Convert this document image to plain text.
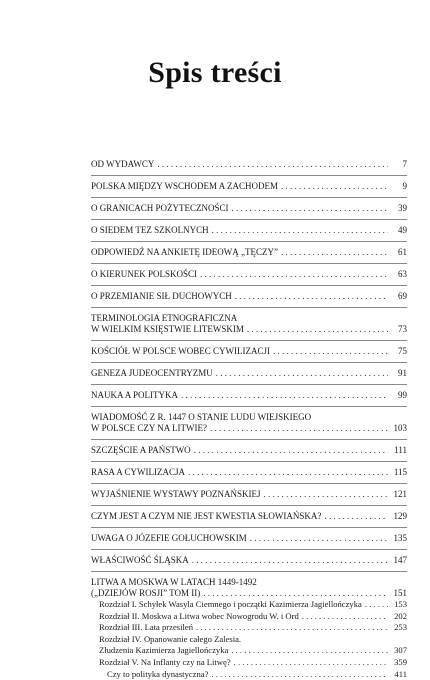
Spis treści
OD WYDAWCY . . .	7
POLSKA MIĘDZY WSCHODEM A ZACHODEM . . .	9
O GRANICACH POŻYTECZNOŚCI . . .	39
O SIEDEM TEZ SZKOLNYCH . . .	49
ODPOWIEDŹ NA ANKIETĘ IDEOWĄ „TĘCZY” . . .	61
O KIERUNEK POLSKOŚCI . . .	63
O PRZEMIANIE SIŁ DUCHOWYCH . . .	69
TERMINOLOGIA ETNOGRAFICZNA
W WIELKIM KSIĘSTWIE LITEWSKIM . . .	73
KOŚCIÓŁ W POLSCE WOBEC CYWILIZACJI . . .	75
GENEZA JUDEOCENTRYZMU . . .	91
NAUKA A POLITYKA . . .	99
WIADOMOŚĆ Z R. 1447 O STANIE LUDU WIEJSKIEGO
W POLSCE CZY NA LITWIE? . . .	103
SZCZĘŚCIE A PAŃSTWO . . .	111
RASA A CYWILIZACJA . . .	115
WYJAŚNIENIE WYSTAWY POZNAŃSKIEJ . . .	121
CZYM JEST A CZYM NIE JEST KWESTIA SŁOWIAŃSKA? . . .	129
UWAGA O JÓZEFIE GOŁUCHOWSKIM . . .	135
WŁAŚCIWOŚĆ ŚLĄSKA . . .	147
LITWA A MOSKWA W LATACH 1449-1492
(„DZIEJÓW ROSJI” TOM II) . . .	151
Rozdział I. Schyłek Wasyla Ciemnego i początki Kazimierza Jagiellończyka . . .	153
Rozdział II. Moskwa a Litwa wobec Nowogrodu W. i Ord . . .	202
Rozdział III. Lata przesileń . . .	253
Rozdział IV. Opanowanie całego Zalesia.
Złudzenia Kazimierza Jagiellończyka . . .	307
Rozdział V. Na Inflanty czy na Litwę? . . .	359
Czy to polityka dynastyczna? . . .	411
